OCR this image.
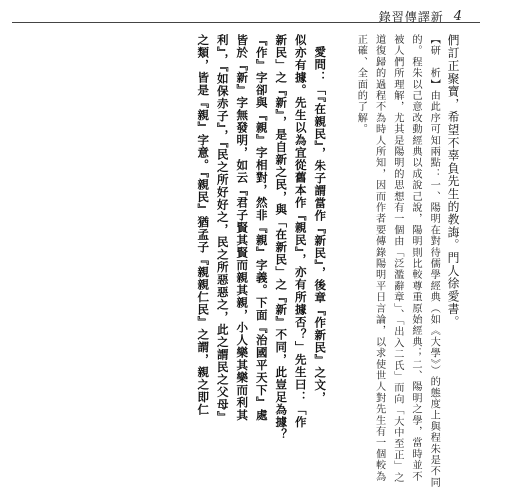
錄習傳譯新 4
們訂正聚寶，希望不辜負先生的教誨。門人徐愛書。
【研　析】由此序可知兩點：一、陽明在對待儒學經典（如《大學》）的態度上與程朱是不同
的。程朱以己意改動經典以成說己說，陽明則比較尊重原始經典；二、陽明之學，當時並不
被人們所理解，尤其是陽明的思想有一個由「泛濫辭章」、「出入二氏」而向「大中至正」之
道復歸的過程不為時人所知，因而作者要傳錄陽明平日言論，以求使世人對先生有一個較為
正確、全面的了解。
愛問：「『在親民』，朱子謂當作『新民』，後章『作新民』之文，
似亦有據。先生以為宜從舊本作『親民』，亦有所據否？」先生曰：「作
新民」之『新』，是自新之民，與「在新民」之『新』不同，此豈足為據？
『作』字卻與『親』字相對，然非『親』字義。下面『治國平天下』處
皆於『新』字無發明，如云『君子賢其賢而親其親，小人樂其樂而利其
利』，『如保赤子』，『民之所好好之，民之所惡惡之，此之謂民之父母』
之類，皆是『親』字意。『親民』猶孟子『親親仁民』之謂，親之即仁
